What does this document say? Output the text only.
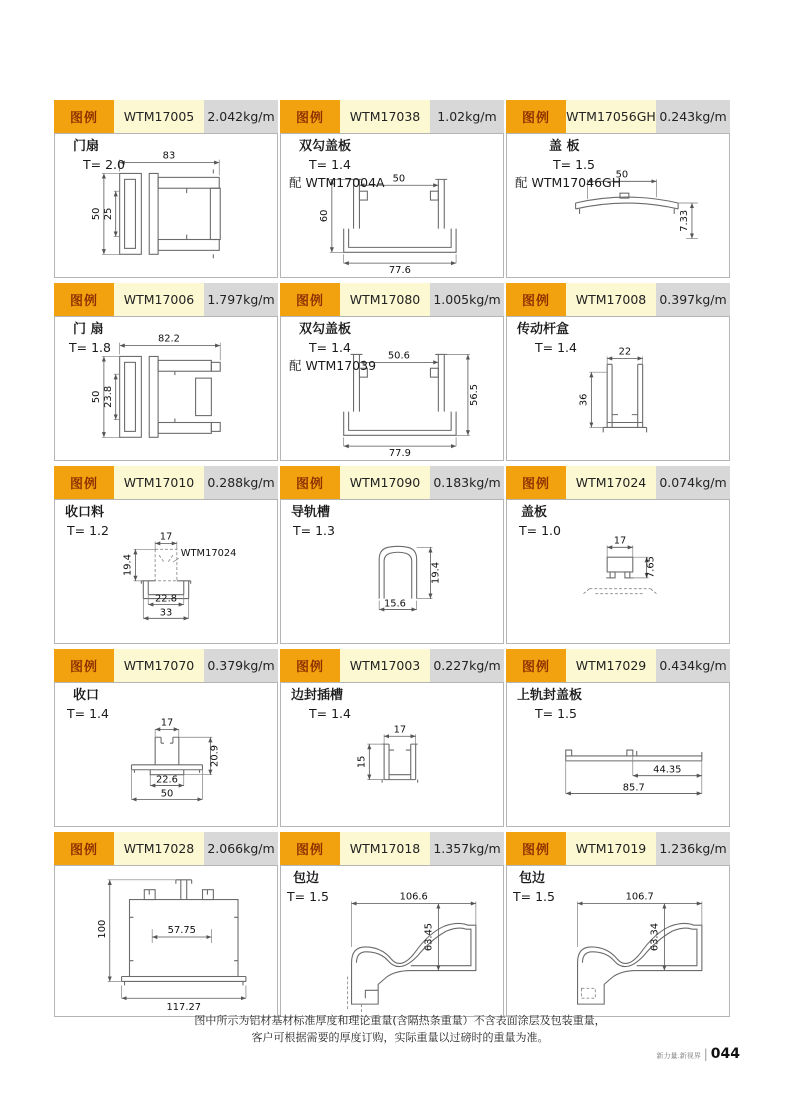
图例	WTM17005	2.042kg/m
门扇
T= 2.0
83
50 25
图例	WTM17038	1.02kg/m
双勾盖板
T= 1.4
配 WTM17004A 50
60
77.6
图例	WTM17056GH 0.243kg/m
盖 板
T= 1.5
配 WTM17046GH
50
7.33
图例	WTM17006	1.797kg/m
门 扇
T= 1.8
82.2
50 23.8
图例	WTM17080	1.005kg/m
双勾盖板
T= 1.4
配 WTM17039
50.6
56.5
77.9
图例	WTM17008	0.397kg/m
传动杆盒
T= 1.4	22
36
图例	WTM17010	0.288kg/m
收口料
T= 1.2	17
19.4
22.8
33
WTM17024
图例	WTM17090	0.183kg/m
导轨槽
T= 1.3
15.6
19.4
图例	WTM17024	0.074kg/m
盖板
T= 1.0
17
7.65
图例	WTM17070	0.379kg/m
收口
T= 1.4
17
20.9
22.6
50
图例	WTM17003	0.227kg/m
边封插槽
T= 1.4
17
15
图例	WTM17029	0.434kg/m
上轨封盖板
T= 1.5
44.35
85.7
图例	WTM17028	2.066kg/m
57.75
100
117.27
图例	WTM17018	1.357kg/m
包边
T= 1.5	106.6
63.45
图例	WTM17019	1.236kg/m
包边
T= 1.5	106.7
63.34
图中所示为铝材基材标准厚度和理论重量(含隔热条重量）不含表面涂层及包装重量，
客户可根据需要的厚度订购，实际重量以过磅时的重量为准。
新力量.新视界 | 044
